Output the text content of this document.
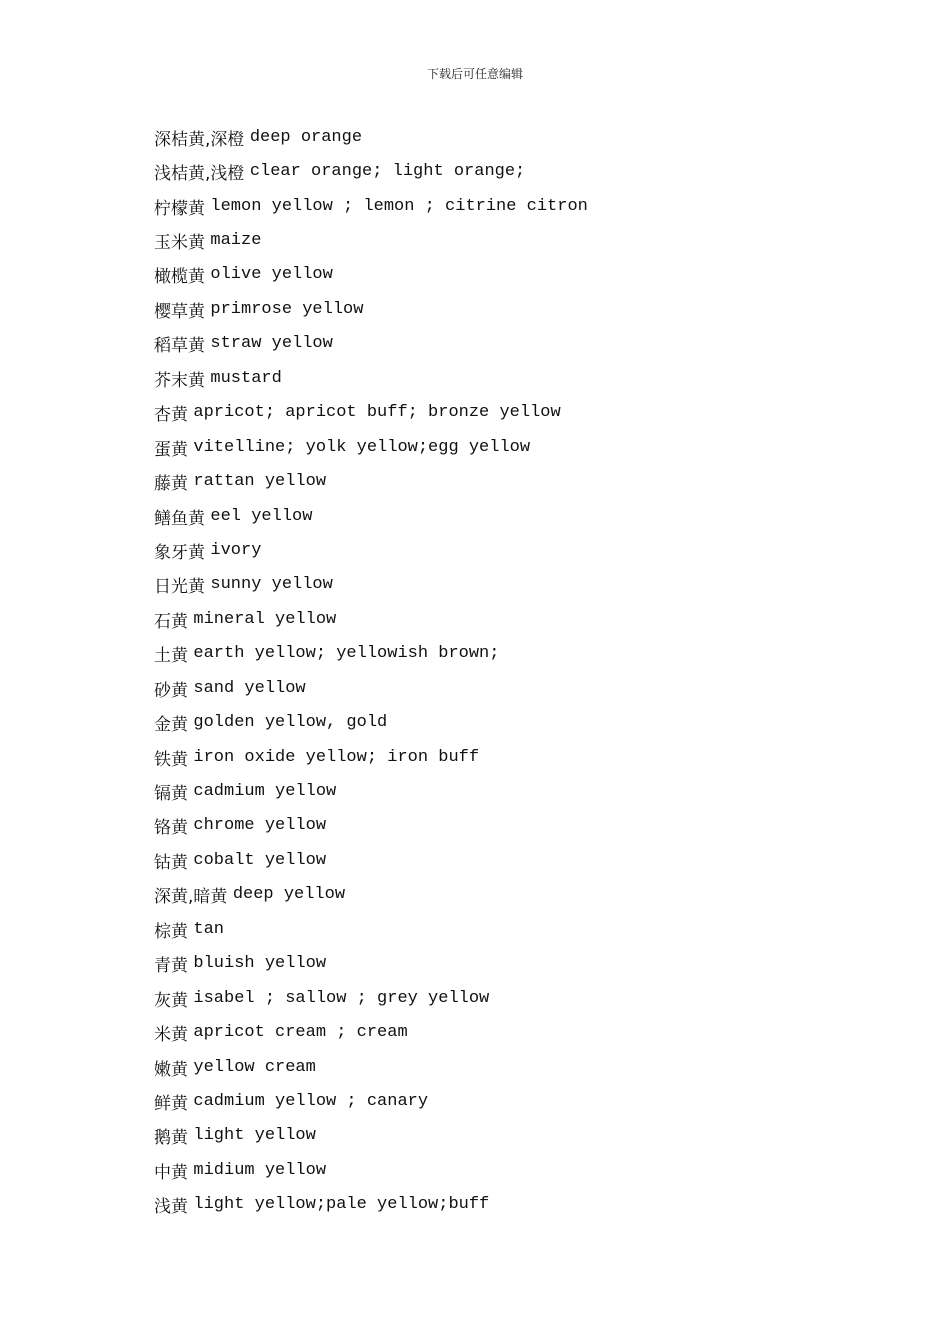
下载后可任意编辑
深桔黄,深橙 deep orange
浅桔黄,浅橙 clear orange; light orange;
柠檬黄 lemon yellow ; lemon ; citrine citron
玉米黄 maize
橄榄黄 olive yellow
樱草黄 primrose yellow
稻草黄 straw yellow
芥末黄 mustard
杏黄 apricot; apricot buff; bronze yellow
蛋黄 vitelline; yolk yellow;egg yellow
藤黄 rattan yellow
鳝鱼黄 eel yellow
象牙黄 ivory
日光黄 sunny yellow
石黄 mineral yellow
土黄 earth yellow; yellowish brown;
砂黄 sand yellow
金黄 golden yellow, gold
铁黄 iron oxide yellow; iron buff
镉黄 cadmium yellow
铬黄 chrome yellow
钴黄 cobalt yellow
深黄,暗黄 deep yellow
棕黄 tan
青黄 bluish yellow
灰黄 isabel ; sallow ; grey yellow
米黄 apricot cream ; cream
嫩黄 yellow cream
鲜黄 cadmium yellow ; canary
鹅黄 light yellow
中黄 midium yellow
浅黄 light yellow;pale yellow;buff
